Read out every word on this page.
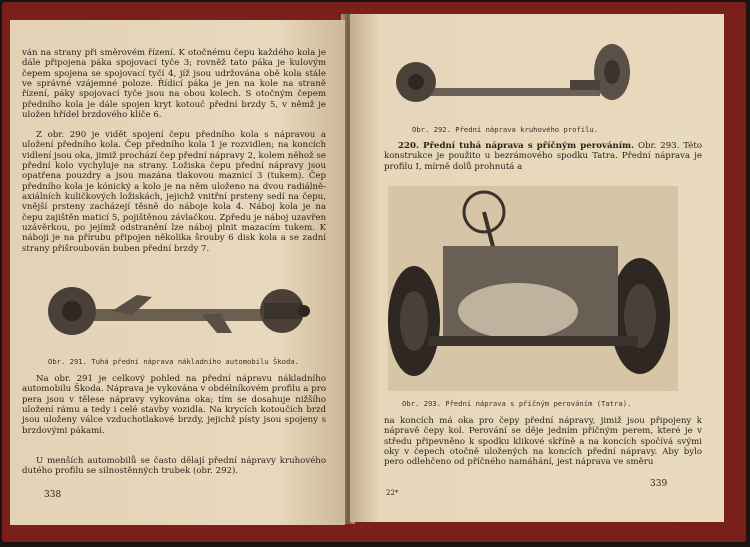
ván na strany při směrovém řízení. K otočnému čepu každého kola je dále připojena páka spojovací tyče 3; rovněž tato páka je kulovým čepem spojena se spojovací tyčí 4, jíž jsou udržována obě kola stále ve správné vzájemné poloze. Řídicí páka je jen na kole na straně řízení, páky spojovací tyče jsou na obou kolech. S otočným čepem předního kola je dále spojen kryt kotouč přední brzdy 5, v němž je uložen hřídel brzdového klíče 6.

Z obr. 290 je vidět spojení čepu předního kola s nápravou a uložení předního kola. Čep předního kola 1 je rozvidlen; na koncích vidlení jsou oka, jimiž prochází čep přední nápravy 2, kolem něhož se přední kolo vychyluje na strany. Ložiska čepu přední nápravy jsou opatřena pouzdry a jsou mazána tlakovou maznicí 3 (tukem). Čep předního kola je kónický a kolo je na něm uloženo na dvou radiálně-axiálních kuličkových ložiskách, jejichž vnitřní prsteny sedí na čepu, vnější prsteny zacházejí těsně do náboje kola 4. Náboj kola je na čepu zajištěn maticí 5, pojištěnou závlačkou. Zpředu je náboj uzavřen uzávěrkou, po jejímž odstranění lze náboj plnit mazacím tukem. K náboji je na přírubu připojen několika šrouby 6 disk kola a se zadní strany přišroubován buben přední brzdy 7.

Obr. 291. Tuhá přední náprava nákladního automobilu Škoda.

Na obr. 291 je celkový pohled na přední nápravu nákladního automobilu Škoda. Náprava je vykována v obdélníkovém profilu a pro pera jsou v tělese nápravy vykována oka; tím se dosahuje nižšího uložení rámu a tedy i celé stavby vozidla. Na krycích kotoučích brzd jsou uloženy válce vzduchotlakové brzdy, jejichž písty jsou spojeny s brzdovými pákami.

U menších automobilů se často dělají přední nápravy kruhového dutého profilu se silnostěnných trubek (obr. 292).

338
Obr. 292. Přední náprava kruhového profilu.

220. Přední tuhá náprava s příčným perováním. Obr. 293. Této konstrukce je použito u bezrámového spodku Tatra. Přední náprava je profilu I, mírně dolů prohnutá a

Obr. 293. Přední náprava s příčným perováním (Tatra).

na koncích má oka pro čepy přední nápravy, jimiž jsou připojeny k nápravě čepy kol. Perování se děje jedním příčným perem, které je v středu připevněno k spodku klikové skříně a na koncích spočívá svými oky v čepech otočně uložených na koncích přední nápravy. Aby bylo pero odlehčeno od příčného namáhání, jest náprava ve směru

22*
339
